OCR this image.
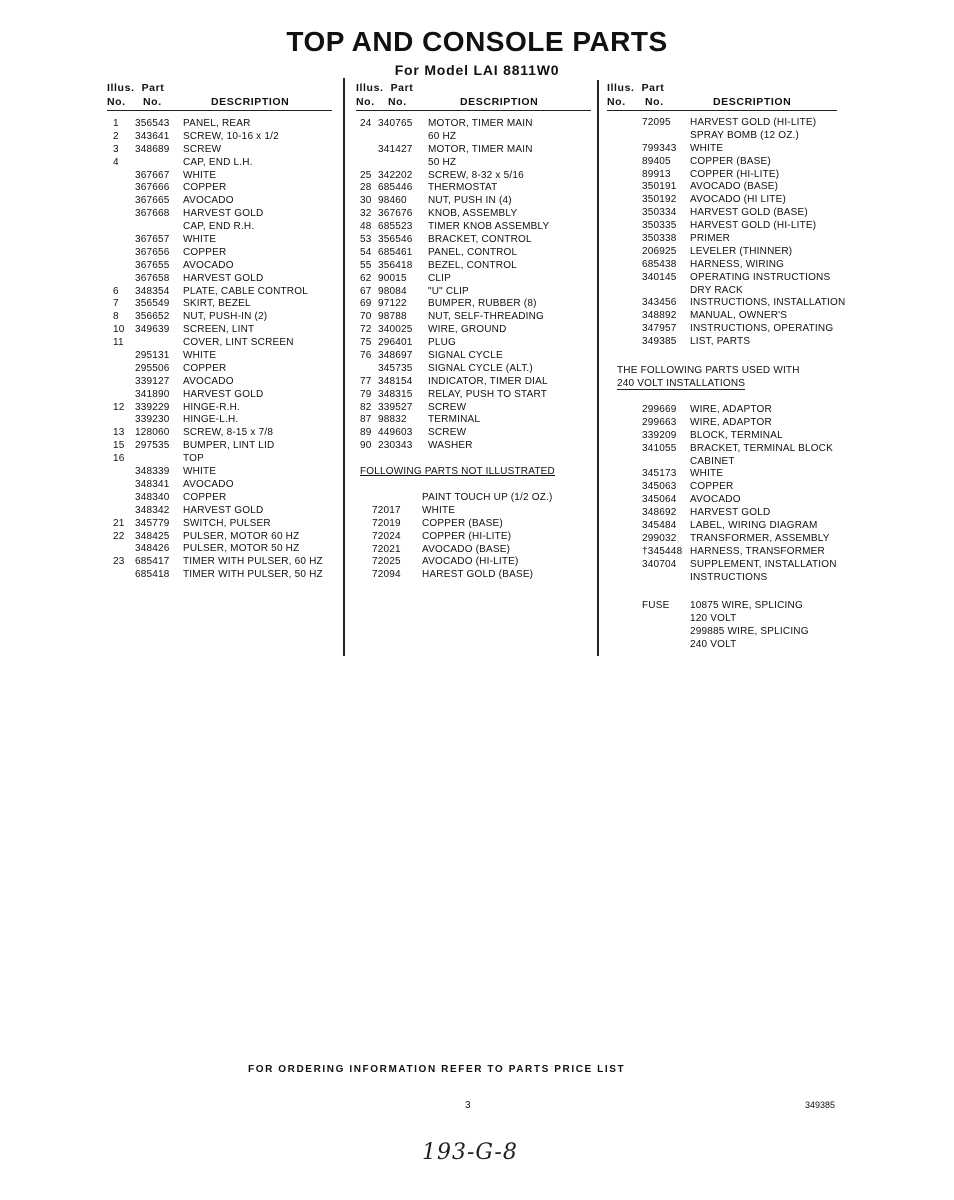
TOP AND CONSOLE PARTS
For Model LAI 8811W0
Illus. Part
No.	No.	DESCRIPTION
Illus. Part
No.	No.	DESCRIPTION
Illus. Part
No.	No.	DESCRIPTION
1	356543	PANEL, REAR
2	343641	SCREW, 10-16 x 1/2
3	348689	SCREW
4	CAP, END L.H.
367667	WHITE
367666	COPPER
367665	AVOCADO
367668	HARVEST GOLD
CAP, END R.H.
367657	WHITE
367656	COPPER
367655	AVOCADO
367658	HARVEST GOLD
6	348354	PLATE, CABLE CONTROL
7	356549	SKIRT, BEZEL
8	356652	NUT, PUSH-IN (2)
10	349639	SCREEN, LINT
11	COVER, LINT SCREEN
295131	WHITE
295506	COPPER
339127	AVOCADO
341890	HARVEST GOLD
12	339229	HINGE-R.H.
339230	HINGE-L.H.
13	128060	SCREW, 8-15 x 7/8
15	297535	BUMPER, LINT LID
16	TOP
348339	WHITE
348341	AVOCADO
348340	COPPER
348342	HARVEST GOLD
21	345779	SWITCH, PULSER
22	348425	PULSER, MOTOR 60 HZ
348426	PULSER, MOTOR 50 HZ
23	685417	TIMER WITH PULSER, 60 HZ
685418	TIMER WITH PULSER, 50 HZ
24 340765	MOTOR, TIMER MAIN
60 HZ
341427	MOTOR, TIMER MAIN
50 HZ
25 342202	SCREW, 8-32 x 5/16
28 685446	THERMOSTAT
30 98460	NUT, PUSH IN (4)
32 367676	KNOB, ASSEMBLY
48 685523	TIMER KNOB ASSEMBLY
53 356546	BRACKET, CONTROL
54 685461	PANEL, CONTROL
55 356418	BEZEL, CONTROL
62 90015	CLIP
67 98084	"U" CLIP
69 97122	BUMPER, RUBBER (8)
70 98788	NUT, SELF-THREADING
72 340025	WIRE, GROUND
75 296401	PLUG
76 348697	SIGNAL CYCLE
345735	SIGNAL CYCLE (ALT.)
77 348154	INDICATOR, TIMER DIAL
79 348315	RELAY, PUSH TO START
82 339527	SCREW
87 98832	TERMINAL
89 449603	SCREW
90 230343	WASHER
FOLLOWING PARTS NOT ILLUSTRATED
PAINT TOUCH UP (1/2 OZ.)
72017	WHITE
72019	COPPER (BASE)
72024	COPPER (HI-LITE)
72021	AVOCADO (BASE)
72025	AVOCADO (HI-LITE)
72094	HAREST GOLD (BASE)
72095	HARVEST GOLD (HI-LITE)
SPRAY BOMB (12 OZ.)
799343	WHITE
89405	COPPER (BASE)
89913	COPPER (HI-LITE)
350191	AVOCADO (BASE)
350192	AVOCADO (HI LITE)
350334	HARVEST GOLD (BASE)
350335	HARVEST GOLD (HI-LITE)
350338	PRIMER
206925	LEVELER (THINNER)
685438	HARNESS, WIRING
340145	OPERATING INSTRUCTIONS
DRY RACK
343456	INSTRUCTIONS, INSTALLATION
348892	MANUAL, OWNER'S
347957	INSTRUCTIONS, OPERATING
349385	LIST, PARTS
THE FOLLOWING PARTS USED WITH
240 VOLT INSTALLATIONS
299669	WIRE, ADAPTOR
299663	WIRE, ADAPTOR
339209	BLOCK, TERMINAL
341055	BRACKET, TERMINAL BLOCK
CABINET
345173	WHITE
345063	COPPER
345064	AVOCADO
348692	HARVEST GOLD
345484	LABEL, WIRING DIAGRAM
299032	TRANSFORMER, ASSEMBLY
†345448 HARNESS, TRANSFORMER
340704	SUPPLEMENT, INSTALLATION
INSTRUCTIONS
FUSE	10875 WIRE, SPLICING
120 VOLT
299885 WIRE, SPLICING
240 VOLT
FOR ORDERING INFORMATION REFER TO PARTS PRICE LIST
3	349385
193-G-8
